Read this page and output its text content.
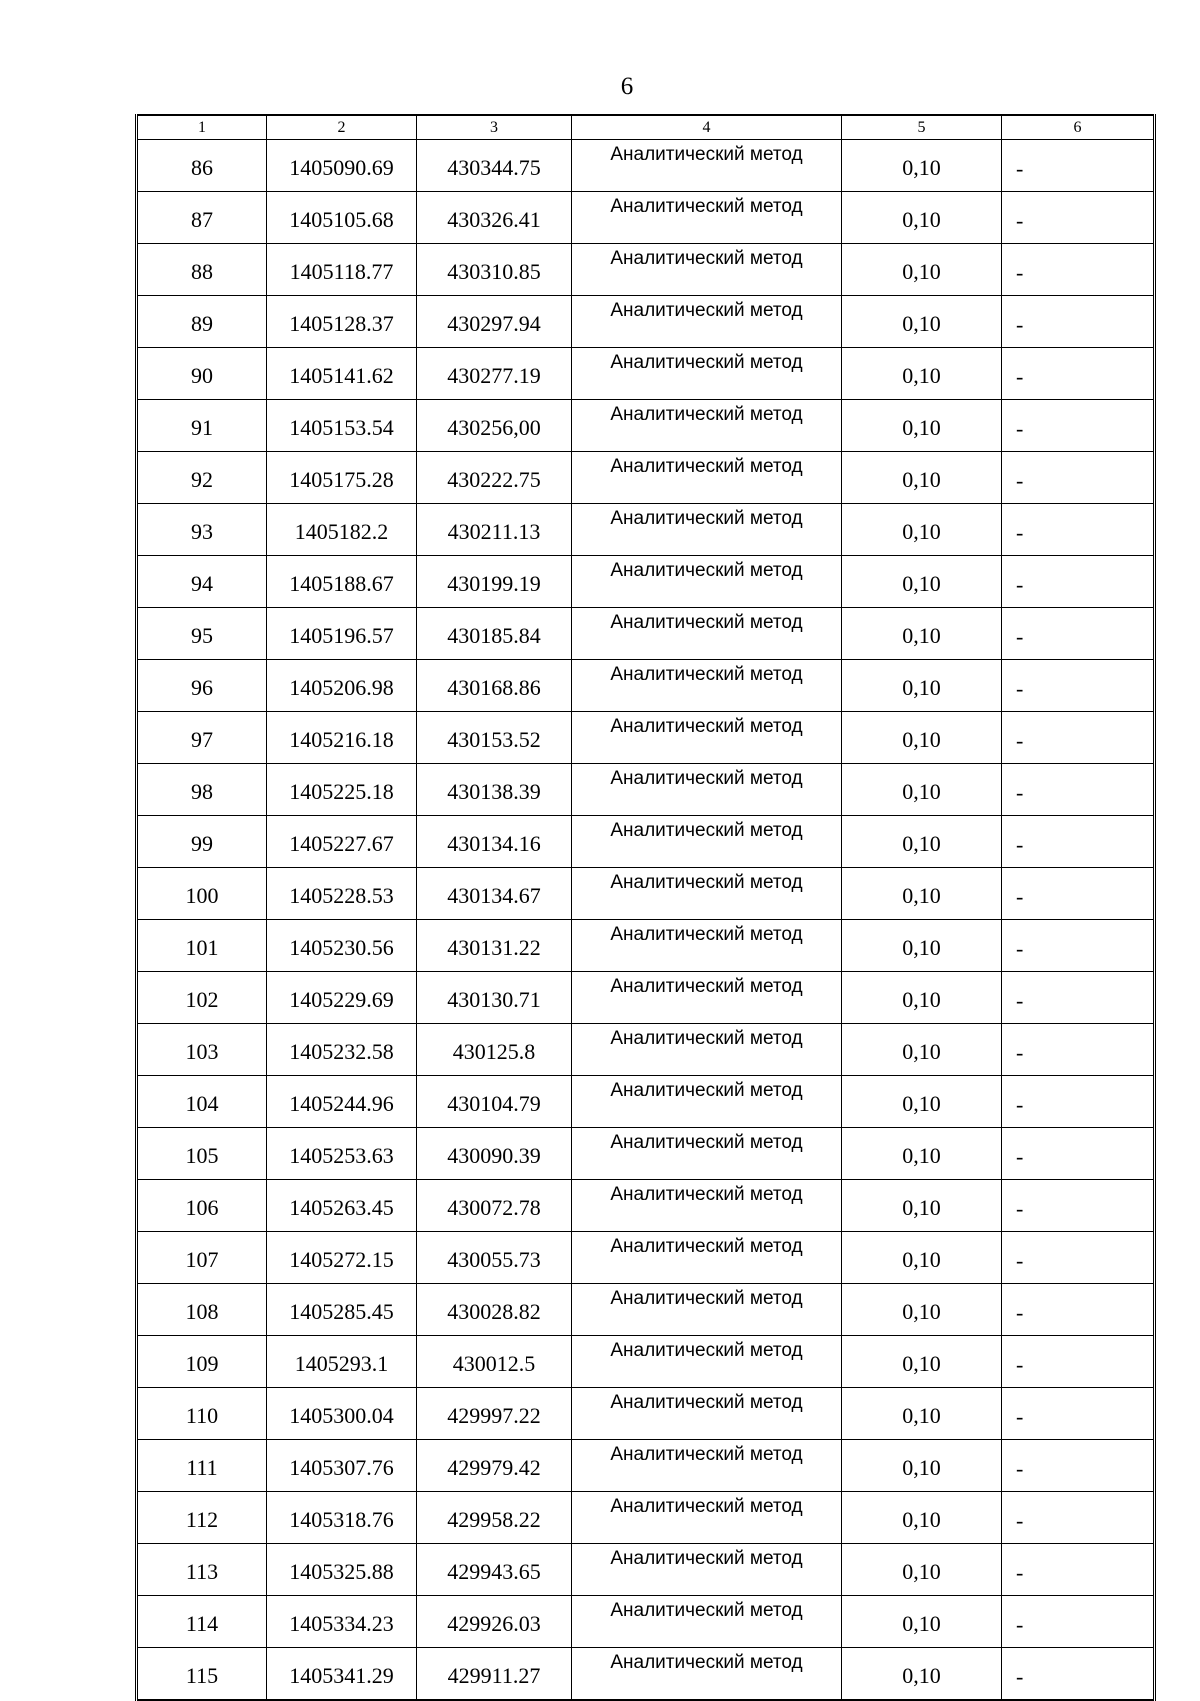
6
1	2	3	4	5	6
86	1405090.69	430344.75	Аналитический метод	0,10	-
87	1405105.68	430326.41	Аналитический метод	0,10	-
88	1405118.77	430310.85	Аналитический метод	0,10	-
89	1405128.37	430297.94	Аналитический метод	0,10	-
90	1405141.62	430277.19	Аналитический метод	0,10	-
91	1405153.54	430256,00	Аналитический метод	0,10	-
92	1405175.28	430222.75	Аналитический метод	0,10	-
93	1405182.2	430211.13	Аналитический метод	0,10	-
94	1405188.67	430199.19	Аналитический метод	0,10	-
95	1405196.57	430185.84	Аналитический метод	0,10	-
96	1405206.98	430168.86	Аналитический метод	0,10	-
97	1405216.18	430153.52	Аналитический метод	0,10	-
98	1405225.18	430138.39	Аналитический метод	0,10	-
99	1405227.67	430134.16	Аналитический метод	0,10	-
100	1405228.53	430134.67	Аналитический метод	0,10	-
101	1405230.56	430131.22	Аналитический метод	0,10	-
102	1405229.69	430130.71	Аналитический метод	0,10	-
103	1405232.58	430125.8	Аналитический метод	0,10	-
104	1405244.96	430104.79	Аналитический метод	0,10	-
105	1405253.63	430090.39	Аналитический метод	0,10	-
106	1405263.45	430072.78	Аналитический метод	0,10	-
107	1405272.15	430055.73	Аналитический метод	0,10	-
108	1405285.45	430028.82	Аналитический метод	0,10	-
109	1405293.1	430012.5	Аналитический метод	0,10	-
110	1405300.04	429997.22	Аналитический метод	0,10	-
111	1405307.76	429979.42	Аналитический метод	0,10	-
112	1405318.76	429958.22	Аналитический метод	0,10	-
113	1405325.88	429943.65	Аналитический метод	0,10	-
114	1405334.23	429926.03	Аналитический метод	0,10	-
115	1405341.29	429911.27	Аналитический метод	0,10	-
